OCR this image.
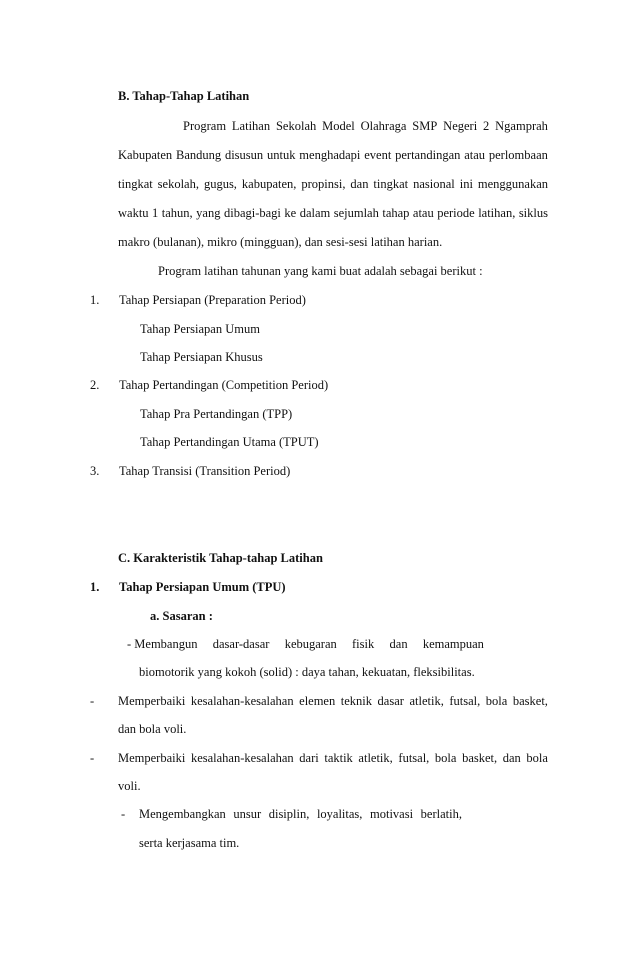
B. Tahap-Tahap Latihan
Program Latihan Sekolah Model Olahraga SMP Negeri 2 Ngamprah
Kabupaten Bandung disusun untuk menghadapi event pertandingan atau perlombaan
tingkat sekolah, gugus, kabupaten, propinsi, dan tingkat nasional ini menggunakan
waktu 1 tahun, yang dibagi-bagi ke dalam sejumlah tahap atau periode latihan, siklus
makro (bulanan), mikro (mingguan), dan sesi-sesi latihan harian.
Program latihan tahunan yang kami buat adalah sebagai berikut :
1. Tahap Persiapan (Preparation Period)
Tahap Persiapan Umum
Tahap Persiapan Khusus
2. Tahap Pertandingan (Competition Period)
Tahap Pra Pertandingan (TPP)
Tahap Pertandingan Utama (TPUT)
3. Tahap Transisi (Transition Period)
C. Karakteristik Tahap-tahap Latihan
1. Tahap Persiapan Umum (TPU)
a. Sasaran :
- Membangun dasar-dasar kebugaran fisik dan kemampuan
biomotorik yang kokoh (solid) : daya tahan, kekuatan, fleksibilitas.
- Memperbaiki kesalahan-kesalahan elemen teknik dasar atletik, futsal, bola basket,
dan bola voli.
- Memperbaiki kesalahan-kesalahan dari taktik atletik, futsal, bola basket, dan bola
voli.
- Mengembangkan unsur disiplin, loyalitas, motivasi berlatih,
serta kerjasama tim.
